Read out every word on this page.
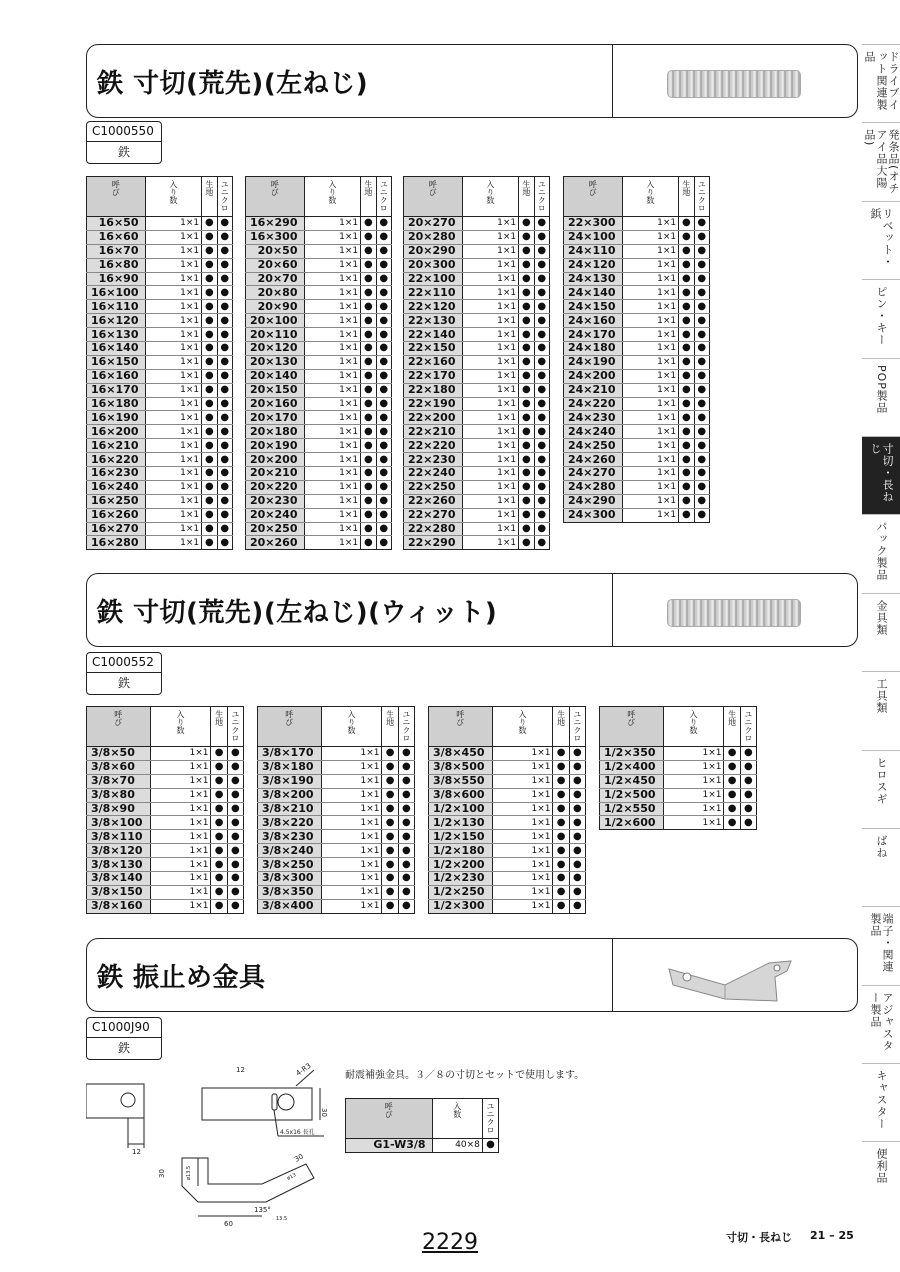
ドライブイット関連製品
発条品(オチアイ品大陽品)
リベット・鋲
ピン・キー
POP製品
寸切・長ねじ
パック製品
金具類
工具類
ヒロスギ
ばね
端子・関連製品
アジャスター製品
キャスター
便利品
鉄 寸切(荒先)(左ねじ)
C1000550
鉄
呼び	入り数	生地	ユニクロ
16×50	1×1	●	●
16×60	1×1	●	●
16×70	1×1	●	●
16×80	1×1	●	●
16×90	1×1	●	●
16×100	1×1	●	●
16×110	1×1	●	●
16×120	1×1	●	●
16×130	1×1	●	●
16×140	1×1	●	●
16×150	1×1	●	●
16×160	1×1	●	●
16×170	1×1	●	●
16×180	1×1	●	●
16×190	1×1	●	●
16×200	1×1	●	●
16×210	1×1	●	●
16×220	1×1	●	●
16×230	1×1	●	●
16×240	1×1	●	●
16×250	1×1	●	●
16×260	1×1	●	●
16×270	1×1	●	●
16×280	1×1	●	●
呼び	入り数	生地	ユニクロ
16×290	1×1	●	●
16×300	1×1	●	●
20×50	1×1	●	●
20×60	1×1	●	●
20×70	1×1	●	●
20×80	1×1	●	●
20×90	1×1	●	●
20×100	1×1	●	●
20×110	1×1	●	●
20×120	1×1	●	●
20×130	1×1	●	●
20×140	1×1	●	●
20×150	1×1	●	●
20×160	1×1	●	●
20×170	1×1	●	●
20×180	1×1	●	●
20×190	1×1	●	●
20×200	1×1	●	●
20×210	1×1	●	●
20×220	1×1	●	●
20×230	1×1	●	●
20×240	1×1	●	●
20×250	1×1	●	●
20×260	1×1	●	●
呼び	入り数	生地	ユニクロ
20×270	1×1	●	●
20×280	1×1	●	●
20×290	1×1	●	●
20×300	1×1	●	●
22×100	1×1	●	●
22×110	1×1	●	●
22×120	1×1	●	●
22×130	1×1	●	●
22×140	1×1	●	●
22×150	1×1	●	●
22×160	1×1	●	●
22×170	1×1	●	●
22×180	1×1	●	●
22×190	1×1	●	●
22×200	1×1	●	●
22×210	1×1	●	●
22×220	1×1	●	●
22×230	1×1	●	●
22×240	1×1	●	●
22×250	1×1	●	●
22×260	1×1	●	●
22×270	1×1	●	●
22×280	1×1	●	●
22×290	1×1	●	●
呼び	入り数	生地	ユニクロ
22×300	1×1	●	●
24×100	1×1	●	●
24×110	1×1	●	●
24×120	1×1	●	●
24×130	1×1	●	●
24×140	1×1	●	●
24×150	1×1	●	●
24×160	1×1	●	●
24×170	1×1	●	●
24×180	1×1	●	●
24×190	1×1	●	●
24×200	1×1	●	●
24×210	1×1	●	●
24×220	1×1	●	●
24×230	1×1	●	●
24×240	1×1	●	●
24×250	1×1	●	●
24×260	1×1	●	●
24×270	1×1	●	●
24×280	1×1	●	●
24×290	1×1	●	●
24×300	1×1	●	●
鉄 寸切(荒先)(左ねじ)(ウィット)
C1000552
鉄
呼び	入り数	生地	ユニクロ
3/8×50	1×1	●	●
3/8×60	1×1	●	●
3/8×70	1×1	●	●
3/8×80	1×1	●	●
3/8×90	1×1	●	●
3/8×100	1×1	●	●
3/8×110	1×1	●	●
3/8×120	1×1	●	●
3/8×130	1×1	●	●
3/8×140	1×1	●	●
3/8×150	1×1	●	●
3/8×160	1×1	●	●
呼び	入り数	生地	ユニクロ
3/8×170	1×1	●	●
3/8×180	1×1	●	●
3/8×190	1×1	●	●
3/8×200	1×1	●	●
3/8×210	1×1	●	●
3/8×220	1×1	●	●
3/8×230	1×1	●	●
3/8×240	1×1	●	●
3/8×250	1×1	●	●
3/8×300	1×1	●	●
3/8×350	1×1	●	●
3/8×400	1×1	●	●
呼び	入り数	生地	ユニクロ
3/8×450	1×1	●	●
3/8×500	1×1	●	●
3/8×550	1×1	●	●
3/8×600	1×1	●	●
1/2×100	1×1	●	●
1/2×130	1×1	●	●
1/2×150	1×1	●	●
1/2×180	1×1	●	●
1/2×200	1×1	●	●
1/2×230	1×1	●	●
1/2×250	1×1	●	●
1/2×300	1×1	●	●
呼び	入り数	生地	ユニクロ
1/2×350	1×1	●	●
1/2×400	1×1	●	●
1/2×450	1×1	●	●
1/2×500	1×1	●	●
1/2×550	1×1	●	●
1/2×600	1×1	●	●
鉄 振止め金具
C1000J90
鉄
耐震補強金具。３／８の寸切とセットで使用します。
12
30
12	4-R3
4.5x16 長孔
60
30	ø13.5
30
ø13
135°
13.5
呼び	入数	ユニクロ
G1-W3/8	40×8	●
2229	寸切・長ねじ 21 – 25
